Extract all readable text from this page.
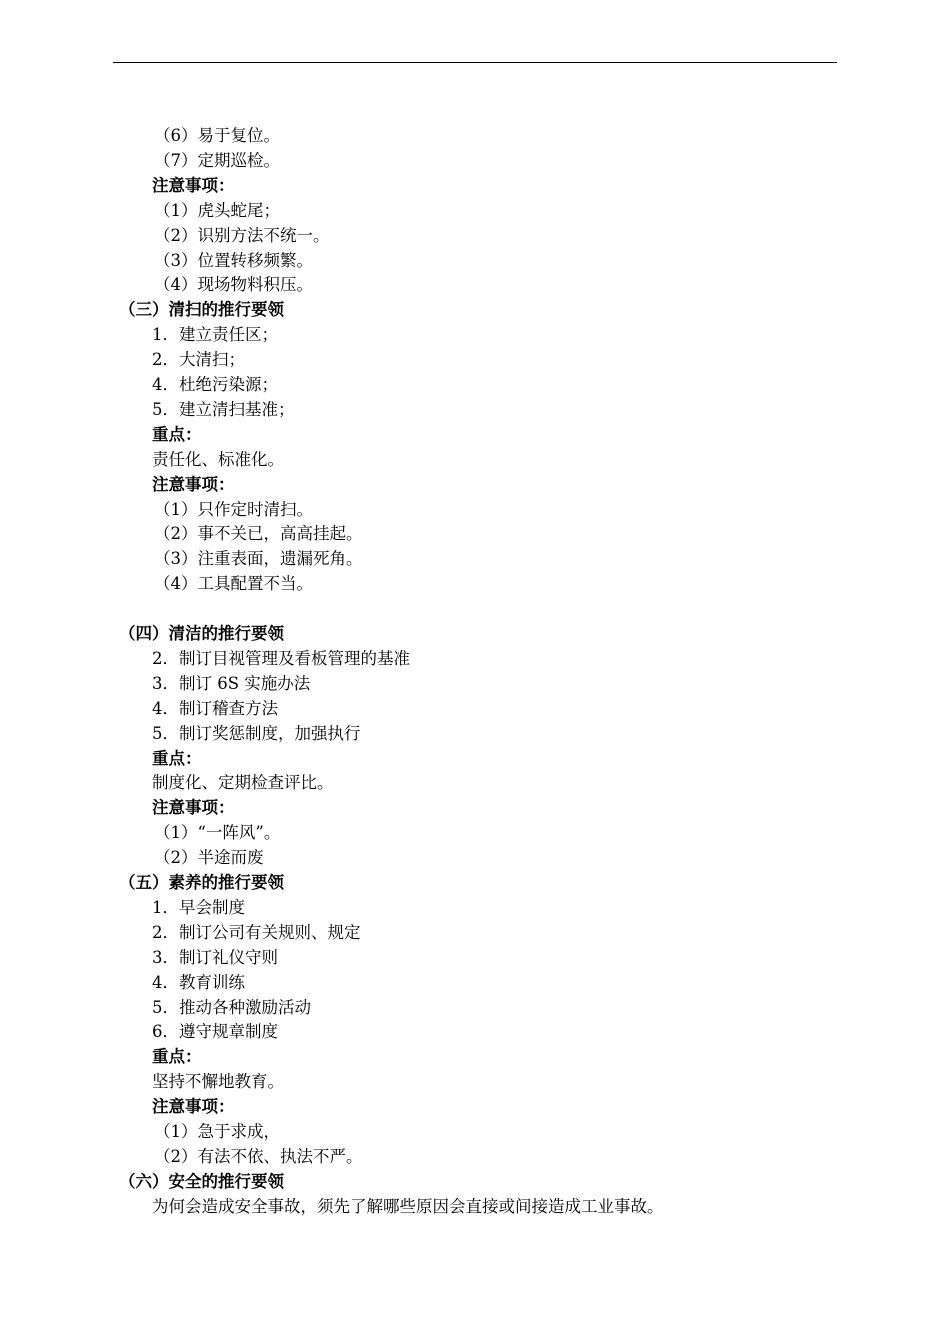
（6）易于复位。
（7）定期巡检。
注意事项：
（1）虎头蛇尾；
（2）识别方法不统一。
（3）位置转移频繁。
（4）现场物料积压。
（三）清扫的推行要领
1．建立责任区；
2．大清扫；
4．杜绝污染源；
5．建立清扫基准；
重点：
责任化、标准化。
注意事项：
（1）只作定时清扫。
（2）事不关已，高高挂起。
（3）注重表面，遗漏死角。
（4）工具配置不当。
（四）清洁的推行要领
2．制订目视管理及看板管理的基准
3．制订 6S 实施办法
4．制订稽查方法
5．制订奖惩制度，加强执行
重点：
制度化、定期检查评比。
注意事项：
（1）“一阵风”。
（2）半途而废
（五）素养的推行要领
1．早会制度
2．制订公司有关规则、规定
3．制订礼仪守则
4．教育训练
5．推动各种激励活动
6．遵守规章制度
重点：
坚持不懈地教育。
注意事项：
（1）急于求成，
（2）有法不依、执法不严。
（六）安全的推行要领
为何会造成安全事故，须先了解哪些原因会直接或间接造成工业事故。
